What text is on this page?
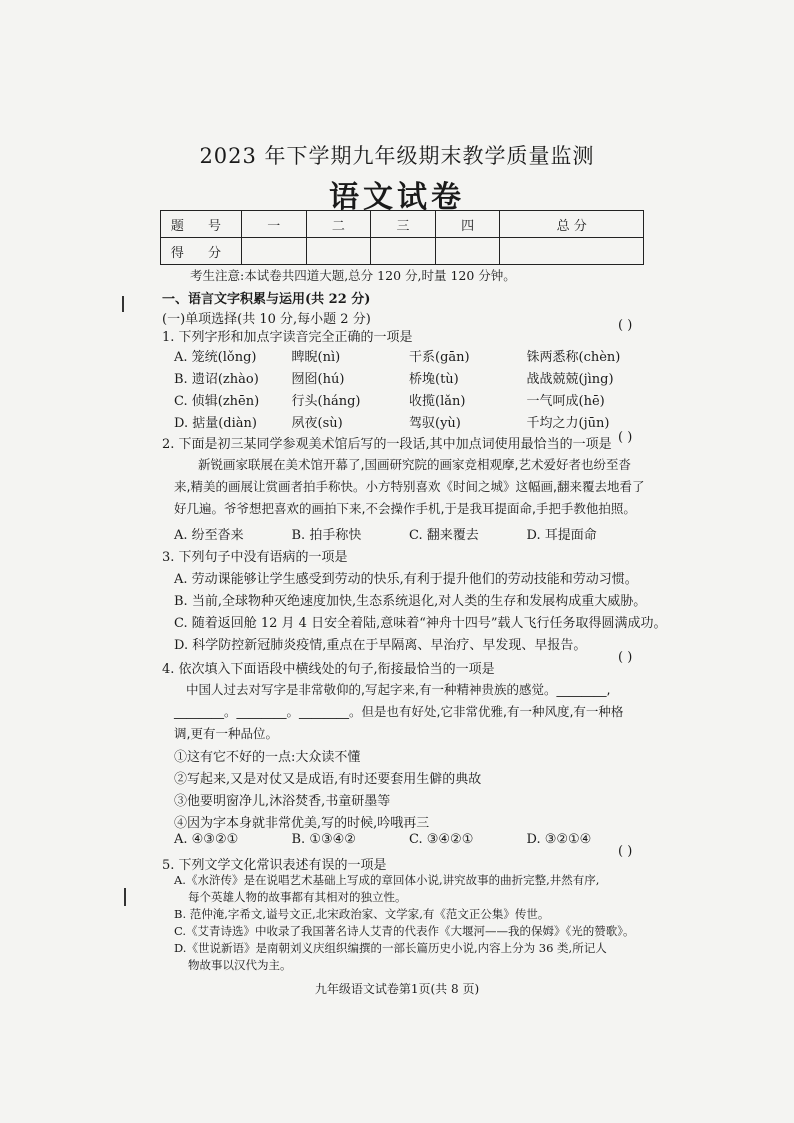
2023 年下学期九年级期末教学质量监测
语文试卷
题 号	一	二	三	四	总 分
得 分					
考生注意:本试卷共四道大题,总分 120 分,时量 120 分钟。
一、语言文字积累与运用(共 22 分)
(一)单项选择(共 10 分,每小题 2 分)	( )
1. 下列字形和加点字读音完全正确的一项是
A. 笼统(lǒng)	睥睨(nì)	干系(gān)	铢两悉称(chèn)
B. 遗诏(zhào)	囫囵(hú)	桥堍(tù)	战战兢兢(jìng)
C. 侦辑(zhēn)	行头(háng)	收揽(lǎn)	一气呵成(hē)
D. 掂量(diàn)	夙夜(sù)	驾驭(yù)	千均之力(jūn)
2. 下面是初三某同学参观美术馆后写的一段话,其中加点词使用最恰当的一项是 ( )
新锐画家联展在美术馆开幕了,国画研究院的画家竞相观摩,艺术爱好者也纷至沓来,精美的画展让赏画者拍手称快。小方特别喜欢《时间之城》这幅画,翻来覆去地看了好几遍。爷爷想把喜欢的画拍下来,不会操作手机,于是我耳提面命,手把手教他拍照。
A. 纷至沓来	B. 拍手称快	C. 翻来覆去	D. 耳提面命
3. 下列句子中没有语病的一项是
A. 劳动课能够让学生感受到劳动的快乐,有利于提升他们的劳动技能和劳动习惯。
B. 当前,全球物种灭绝速度加快,生态系统退化,对人类的生存和发展构成重大威胁。
C. 随着返回舱 12 月 4 日安全着陆,意味着“神舟十四号”载人飞行任务取得圆满成功。
D. 科学防控新冠肺炎疫情,重点在于早隔离、早治疗、早发现、早报告。
( )
4. 依次填入下面语段中横线处的句子,衔接最恰当的一项是
中国人过去对写字是非常敬仰的,写起字来,有一种精神贵族的感觉。________,
________。________。________。但是也有好处,它非常优雅,有一种风度,有一种格
调,更有一种品位。
①这有它不好的一点:大众读不懂
②写起来,又是对仗又是成语,有时还要套用生僻的典故
③他要明窗净儿,沐浴焚香,书童研墨等
④因为字本身就非常优美,写的时候,吟哦再三
A. ④③②①	B. ①③④②	C. ③④②①	D. ③②①④
( )
5. 下列文学文化常识表述有误的一项是
九年级语文试卷第1页(共 8 页)
A.《水浒传》是在说唱艺术基础上写成的章回体小说,讲究故事的曲折完整,井然有序,
每个英雄人物的故事都有其相对的独立性。
B. 范仲淹,字希文,谥号文正,北宋政治家、文学家,有《范文正公集》传世。
C.《艾青诗选》中收录了我国著名诗人艾青的代表作《大堰河——我的保姆》《光的赞歌》。
D.《世说新语》是南朝刘义庆组织编撰的一部长篇历史小说,内容上分为 36 类,所记人
物故事以汉代为主。
